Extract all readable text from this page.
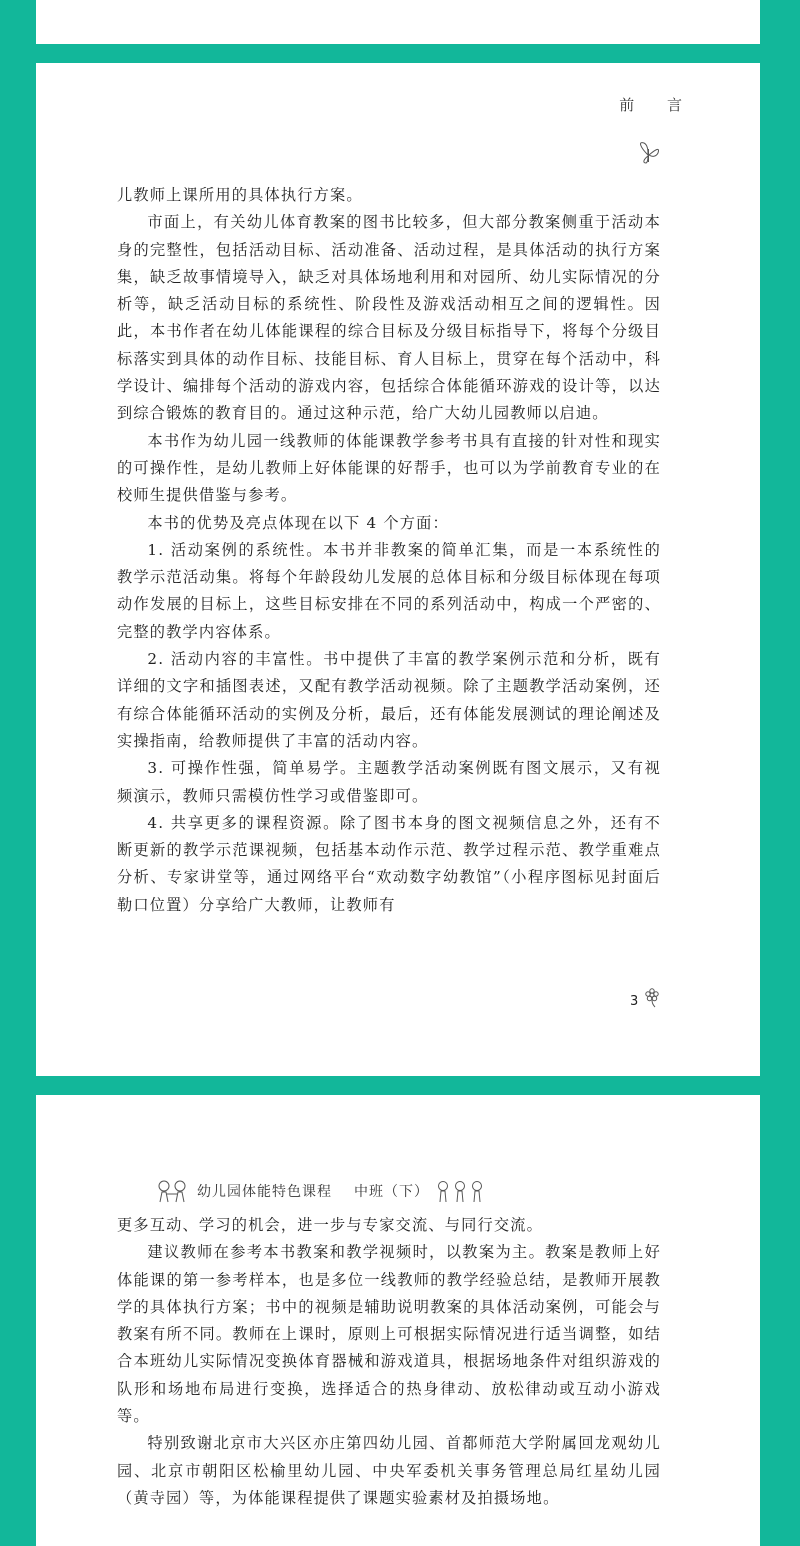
前 言

儿教师上课所用的具体执行方案。

市面上，有关幼儿体育教案的图书比较多，但大部分教案侧重于活动本身的完整性，包括活动目标、活动准备、活动过程，是具体活动的执行方案集，缺乏故事情境导入，缺乏对具体场地利用和对园所、幼儿实际情况的分析等，缺乏活动目标的系统性、阶段性及游戏活动相互之间的逻辑性。因此，本书作者在幼儿体能课程的综合目标及分级目标指导下，将每个分级目标落实到具体的动作目标、技能目标、育人目标上，贯穿在每个活动中，科学设计、编排每个活动的游戏内容，包括综合体能循环游戏的设计等，以达到综合锻炼的教育目的。通过这种示范，给广大幼儿园教师以启迪。

本书作为幼儿园一线教师的体能课教学参考书具有直接的针对性和现实的可操作性，是幼儿教师上好体能课的好帮手，也可以为学前教育专业的在校师生提供借鉴与参考。

本书的优势及亮点体现在以下 4 个方面：

1. 活动案例的系统性。本书并非教案的简单汇集，而是一本系统性的教学示范活动集。将每个年龄段幼儿发展的总体目标和分级目标体现在每项动作发展的目标上，这些目标安排在不同的系列活动中，构成一个严密的、完整的教学内容体系。

2. 活动内容的丰富性。书中提供了丰富的教学案例示范和分析，既有详细的文字和插图表述，又配有教学活动视频。除了主题教学活动案例，还有综合体能循环活动的实例及分析，最后，还有体能发展测试的理论阐述及实操指南，给教师提供了丰富的活动内容。

3. 可操作性强，简单易学。主题教学活动案例既有图文展示，又有视频演示，教师只需模仿性学习或借鉴即可。

4. 共享更多的课程资源。除了图书本身的图文视频信息之外，还有不断更新的教学示范课视频，包括基本动作示范、教学过程示范、教学重难点分析、专家讲堂等，通过网络平台“欢动数字幼教馆”（小程序图标见封面后勒口位置）分享给广大教师，让教师有

3
幼儿园体能特色课程 中班（下）

更多互动、学习的机会，进一步与专家交流、与同行交流。

建议教师在参考本书教案和教学视频时，以教案为主。教案是教师上好体能课的第一参考样本，也是多位一线教师的教学经验总结，是教师开展教学的具体执行方案；书中的视频是辅助说明教案的具体活动案例，可能会与教案有所不同。教师在上课时，原则上可根据实际情况进行适当调整，如结合本班幼儿实际情况变换体育器械和游戏道具，根据场地条件对组织游戏的队形和场地布局进行变换，选择适合的热身律动、放松律动或互动小游戏等。

特别致谢北京市大兴区亦庄第四幼儿园、首都师范大学附属回龙观幼儿园、北京市朝阳区松榆里幼儿园、中央军委机关事务管理总局红星幼儿园（黄寺园）等，为体能课程提供了课题实验素材及拍摄场地。
